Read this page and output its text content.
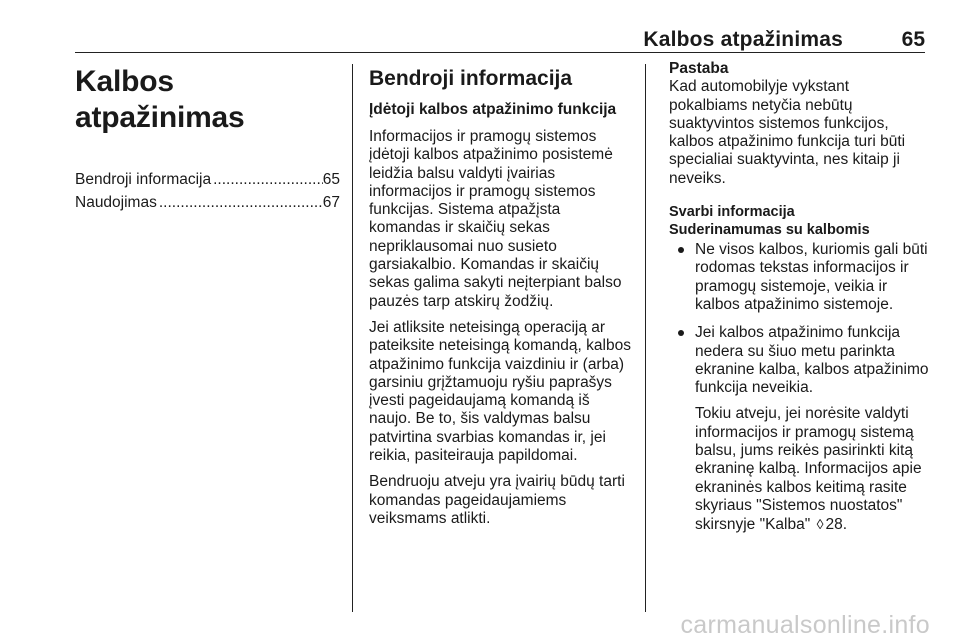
Kalbos atpažinimas	65
Kalbos atpažinimas
Bendroji informacija .....	65
Naudojimas .....	67
Bendroji informacija
Įdėtoji kalbos atpažinimo funkcija

Informacijos ir pramogų sistemos įdėtoji kalbos atpažinimo posistemė leidžia balsu valdyti įvairias informacijos ir pramogų sistemos funkcijas. Sistema atpažįsta komandas ir skaičių sekas nepriklausomai nuo susieto garsiakalbio. Komandas ir skaičių sekas galima sakyti neįterpiant balso pauzės tarp atskirų žodžių.

Jei atliksite neteisingą operaciją ar pateiksite neteisingą komandą, kalbos atpažinimo funkcija vaizdiniu ir (arba) garsiniu grįžtamuoju ryšiu paprašys įvesti pageidaujamą komandą iš naujo. Be to, šis valdymas balsu patvirtina svarbias komandas ir, jei reikia, pasiteirauja papildomai.

Bendruoju atveju yra įvairių būdų tarti komandas pageidaujamiems veiksmams atlikti.

Pastaba
Kad automobilyje vykstant pokalbiams netyčia nebūtų suaktyvintos sistemos funkcijos, kalbos atpažinimo funkcija turi būti specialiai suaktyvinta, nes kitaip ji neveiks.
Svarbi informacija
Suderinamumas su kalbomis

Ne visos kalbos, kuriomis gali būti rodomas tekstas informacijos ir pramogų sistemoje, veikia ir kalbos atpažinimo sistemoje.

Jei kalbos atpažinimo funkcija nedera su šiuo metu parinkta ekranine kalba, kalbos atpažinimo funkcija neveikia.

Tokiu atveju, jei norėsite valdyti informacijos ir pramogų sistemą balsu, jums reikės pasirinkti kitą ekraninę kalbą. Informacijos apie ekraninės kalbos keitimą rasite skyriaus "Sistemos nuostatos" skirsnyje "Kalba" ◊ 28.

carmanualsonline.info
